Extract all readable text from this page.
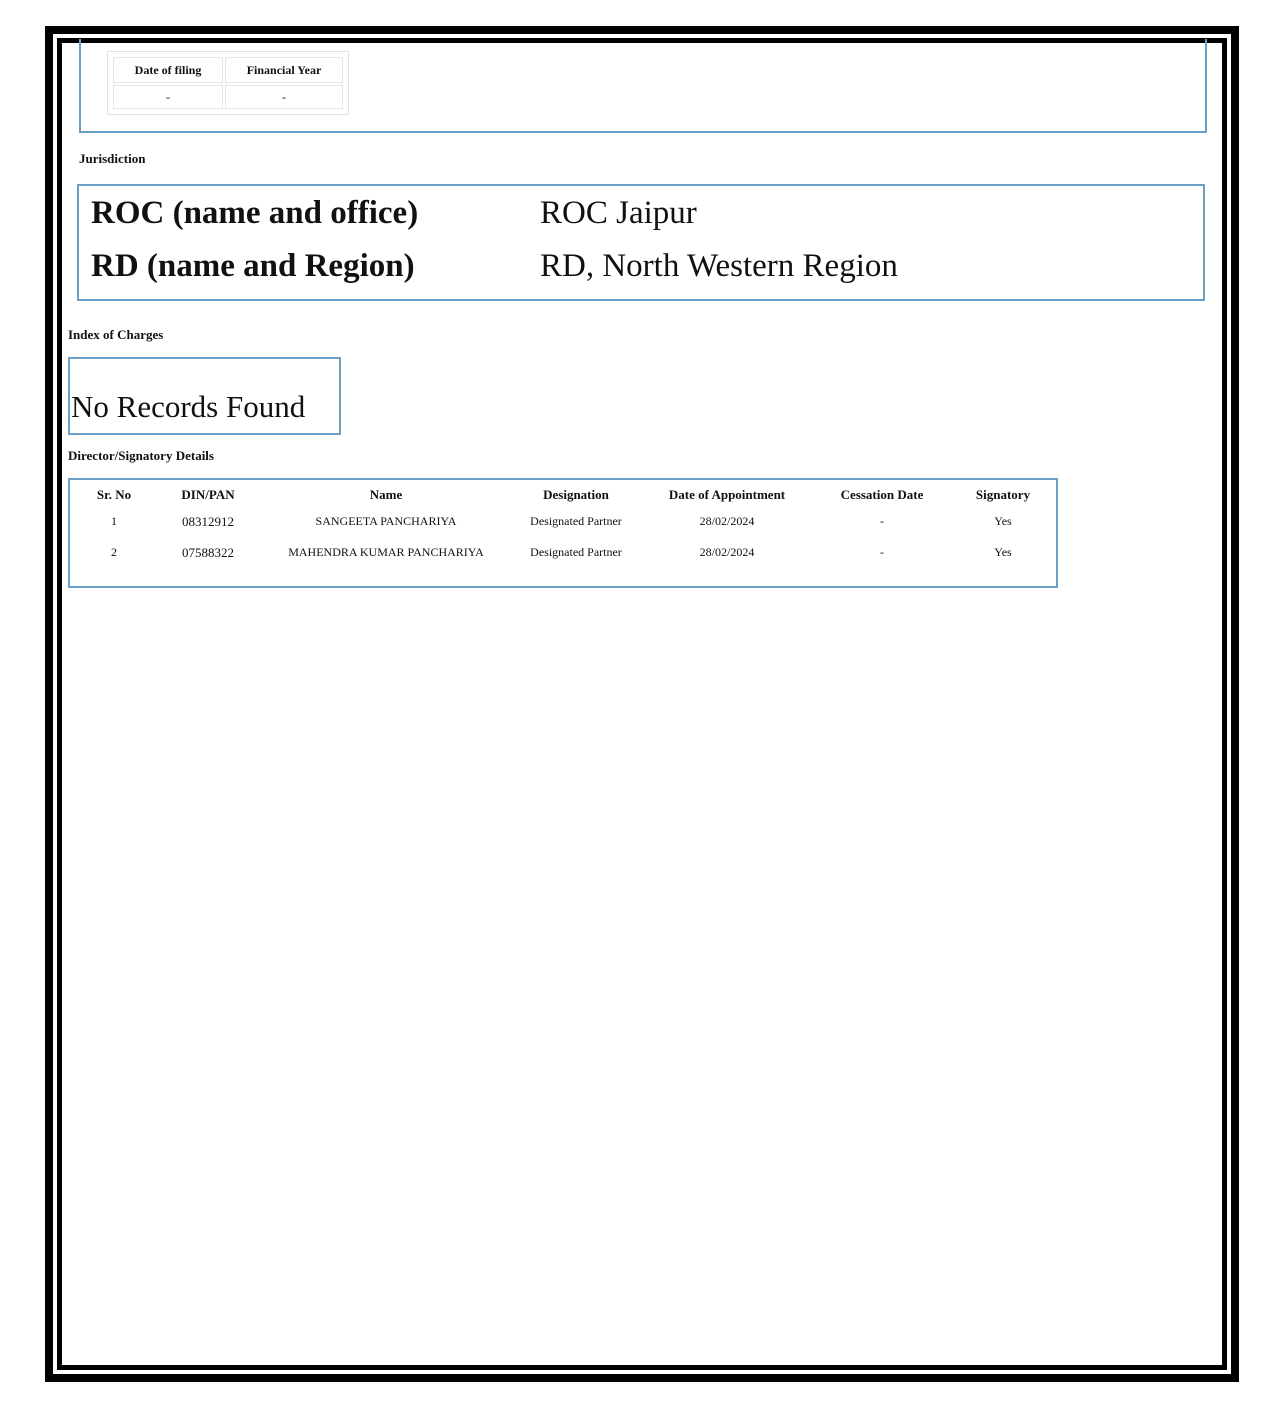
Date of filing	Financial Year
-	-
Jurisdiction
ROC (name and office)	ROC Jaipur
RD (name and Region)	RD, North Western Region
Index of Charges
No Records Found
Director/Signatory Details
Sr. No	DIN/PAN	Name	Designation	Date of Appointment	Cessation Date	Signatory
1	08312912	SANGEETA PANCHARIYA	Designated Partner	28/02/2024	-	Yes
2	07588322	MAHENDRA KUMAR PANCHARIYA	Designated Partner	28/02/2024	-	Yes
